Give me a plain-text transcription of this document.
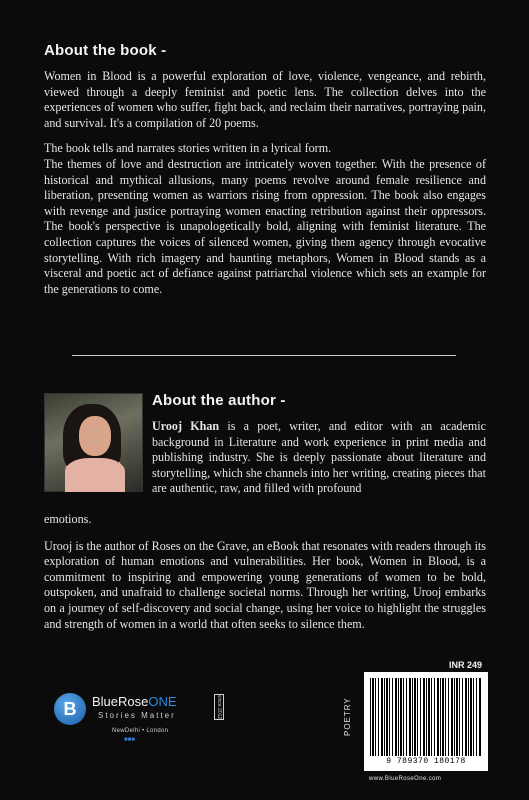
About the book -

Women in Blood is a powerful exploration of love, violence, vengeance, and rebirth, viewed through a deeply feminist and poetic lens. The collection delves into the experiences of women who suffer, fight back, and reclaim their narratives, portraying pain, and survival. It's a compilation of 20 poems.

The book tells and narrates stories written in a lyrical form.

The themes of love and destruction are intricately woven together. With the presence of historical and mythical allusions, many poems revolve around female resilience and liberation, presenting women as warriors rising from oppression. The book also engages with revenge and justice portraying women enacting retribution against their oppressors. The book's perspective is unapologetically bold, aligning with feminist literature. The collection captures the voices of silenced women, giving them agency through evocative storytelling. With rich imagery and haunting metaphors, Women in Blood stands as a visceral and poetic act of defiance against patriarchal violence which sets an example for the generations to come.

About the author -
Urooj Khan is a poet, writer, and editor with an academic background in Literature and work experience in print media and publishing industry. She is deeply passionate about literature and storytelling, which she channels into her writing, creating pieces that are authentic, raw, and filled with profound

emotions.

Urooj is the author of Roses on the Grave, an eBook that resonates with readers through its exploration of human emotions and vulnerabilities. Her book, Women in Blood, is a commitment to inspiring and empowering young generations of women to be bold, outspoken, and unafraid to challenge societal norms. Through her writing, Urooj embarks on a journey of self-discovery and social change, using her voice to highlight the struggles and strength of women in a world that often seeks to silence them.

B BlueRoseONE	since 2012
Stories Matter
NewDelhi • London
■■■
INR 249
POETRY
9 789370 180178
www.BlueRoseOne.com
